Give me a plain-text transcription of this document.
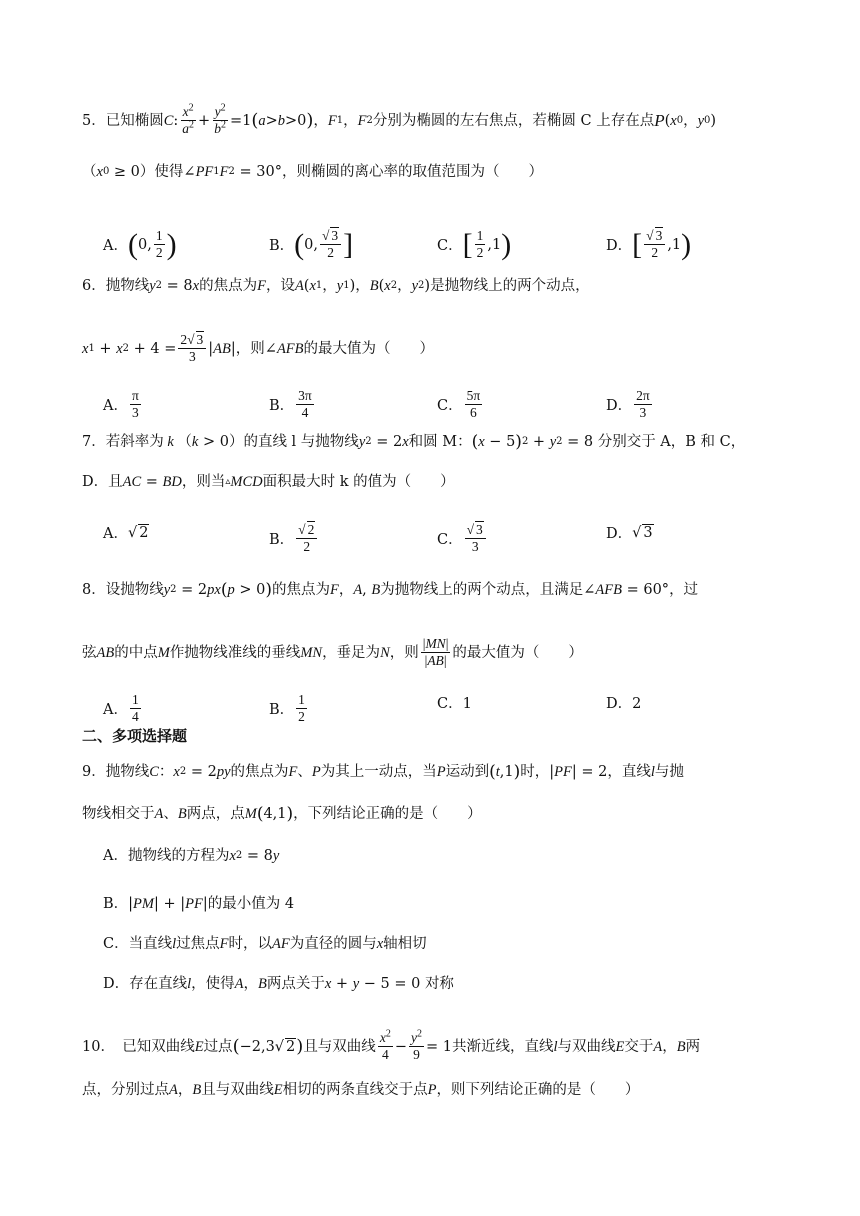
5．已知椭圆 C : $\frac{x^2}{a^2} + \frac{y^2}{b^2} =1$ ( a > b >0 ) ， F 1 ， F 2 分别为椭圆的左右焦点，若椭圆 C 上存在点 P ( x 0 ， y 0 )
（ x 0 ≥ 0 ）使得 ∠ PF 1 F 2 = 30° ，则椭圆的离心率的取值范围为（　　）
A． ( 0, $\frac{1}{2}$ )	B． ( 0, $\frac{√ 3}{2}$ ]	C． [ $\frac{1}{2} ,1$ )	D． [ $\frac{√ 3}{2} ,1$ )
6．抛物线 y 2 = 8 x 的焦点为 F ，设 A ( x 1 ， y 1 ) ， B ( x 2 ， y 2 ) 是抛物线上的两个动点，
x 1 + x $2 + 4 = \frac{2√ 3}{3}$ | AB | ，则 ∠ AFB 的最大值为（　　）
A． $\frac{\pi}{3}$	B． $\frac{3\pi}{4}$	C． $\frac{5\pi}{6}$	D． $\frac{2\pi}{3}$
7．若斜率为 k （ k > 0 ）的直线 l 与抛物线 y 2 = 2 x 和圆 M： ( x − 5 ) 2 + y 2 = 8 分别交于 A，B 和 C，
D．且 AC = BD ，则当 ▵ MCD 面积最大时 k 的值为（　　）
A． √ 2	B． $\frac{√ 2}{2}$	C． $\frac{√ 3}{3}$	D． √ 3
8．设抛物线 y 2 = 2 px ( p > 0 ) 的焦点为 F ， A , B 为抛物线上的两个动点，且满足 ∠ AFB = 60° ，过
弦 AB 的中点 M 作抛物线准线的垂线 MN ，垂足为 N ，则 $\frac{|MN|}{|AB|}$ 的最大值为（　　）
A． $\frac{1}{4}$	B． $\frac{1}{2}$	C．1	D．2
二、多项选择题
9．抛物线 C ： x 2 = 2 py 的焦点为 F 、 P 为其上一动点，当 P 运动到 ( t ,1 ) 时， | PF | = 2 ，直线 l 与抛
物线相交于 A 、 B 两点，点 M ( 4,1 ) ，下列结论正确的是（　　）
A．抛物线的方程为 x 2 = 8 y
B． | PM | + | PF | 的最小值为 4
C．当直线 l 过焦点 F 时，以 AF 为直径的圆与 x 轴相切
D．存在直线 l ，使得 A ， B 两点关于 x + y − 5 = 0 对称
10．　已知双曲线 E 过点 ( −2,3√ 2 ) 且与双曲线 $\frac{x^2}{4} - \frac{y^2}{9} = 1$ 共渐近线，直线 l 与双曲线 E 交于 A ， B 两
点，分别过点 A ， B 且与双曲线 E 相切的两条直线交于点 P ，则下列结论正确的是（　　）
